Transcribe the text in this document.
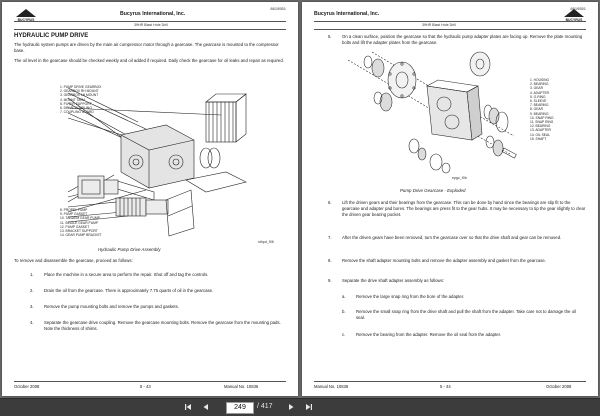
8619551

BUCYRUS

Bucyrus International, Inc.

39HR Blast Hole Drill

HYDRAULIC PUMP DRIVE

The hydraulic system pumps are driven by the main air compressor motor through a gearcase. The gearcase is mounted to the compressor base.

The oil level in the gearcase should be checked weekly and oil added if required. Daily check the gearcase for oil leaks and repair as required.

1. PUMP DRIVE GEARBOX
2. GEARBOX RH MOUNT
3. GEARBOX LH MOUNT
4. MOUNT SHIM
5. FILTER SUPPORT
6. DRIVE COUPLING
7. COUPLING GUARD
8. PROPEL PUMP
9. PUMP GASKET
10. TANDEM GEAR PUMP
11. SINGLE GEAR PUMP
12. PUMP GASKET
13. BRACKET SUPPORT
14. GEAR PUMP BRACKET

sthpd_f06

Hydraulic Pump Drive Assembly

To remove and disassemble the gearcase, proceed as follows:

1. Place the machine in a secure area to perform the repair. Shut off and tag the controls.

2. Drain the oil from the gearcase. There is approximately 7.75 quarts of oil in the gearcase.

3. Remove the pump mounting bolts and remove the pumps and gaskets.

4. Separate the gearcase drive coupling. Remove the gearcase mounting bolts. Remove the gearcase from the mounting pads. Note the thickness of shims.

October 2008	5 - 43	Manual No. 10836

8619551

BUCYRUS

Bucyrus International, Inc.

39HR Blast Hole Drill

5. On a clean surface, position the gearcase so that the hydraulic pump adapter plates are facing up. Remove the plate mounting bolts and lift the adapter plates from the gearcase.

1. HOUSING
2. BEARING
3. GEAR
4. ADAPTER
5. O-RING
6. SLEEVE
7. BEARING
8. GEAR
9. BEARING
10. SNAP RING
11. SNAP RING
12. BEARING
13. ADAPTER
14. OIL SEAL
15. SHAFT

epgc_f0b

Pump Drive Gearcase - Exploded

6. Lift the driven gears and their bearings from the gearcase. This can be done by hand since the bearings are slip fit to the gearcase and adapter pad bores. The bearings are press fit to the gear hubs. It may be necessary to tip the gear slightly to clear the driven gear bearing pocket.

7. After the driven gears have been removed, turn the gearcase over so that the drive shaft and gear can be removed.

8. Remove the shaft adapter mounting bolts and remove the adapter assembly and gasket from the gearcase.

9. Separate the drive shaft adapter assembly as follows:

a. Remove the large snap ring from the bore of the adapter.

b. Remove the small snap ring from the drive shaft and pull the shaft from the adapter. Take care not to damage the oil seal.

c. Remove the bearing from the adapter. Remove the oil seal from the adapter.

Manual No. 10836	5 - 44	October 2008

249	/ 417
